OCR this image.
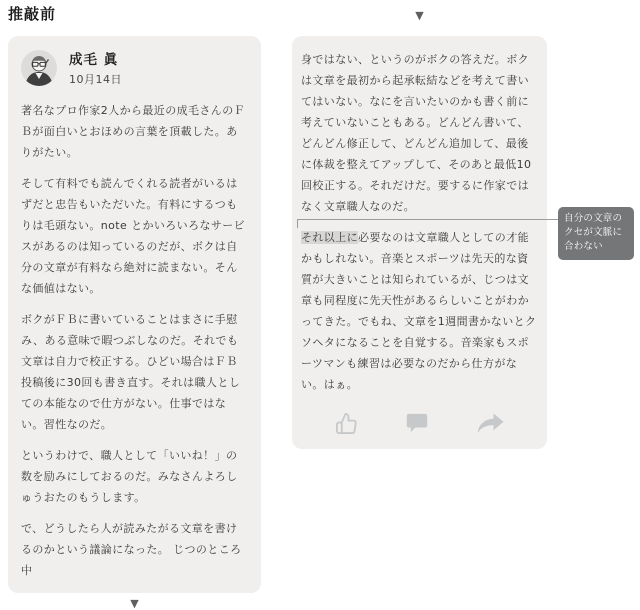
推敲前	▼
成毛 眞
10月14日

著名なプロ作家2人から最近の成毛さんのＦＢが面白いとおほめの言葉を頂載した。ありがたい。

そして有料でも読んでくれる読者がいるはずだと忠告もいただいた。有料にするつもりは毛頭ない。note とかいろいろなサービスがあるのは知っているのだが、ボクは自分の文章が有料なら絶対に読まない。そんな価値はない。

ボクがＦＢに書いていることはまさに手慰み、ある意味で暇つぶしなのだ。それでも文章は自力で校正する。ひどい場合はＦＢ投稿後に30回も書き直す。それは職人としての本能なので仕方がない。仕事ではない。習性なのだ。

というわけで、職人として「いいね！」の数を励みにしておるのだ。みなさんよろしゅうおたのもうします。

で、どうしたら人が読みたがる文章を書けるのかという議論になった。 じつのところ中

▼

身ではない、というのがボクの答えだ。ボクは文章を最初から起承転結などを考えて書いてはいない。なにを言いたいのかも書く前に考えていないこともある。どんどん書いて、どんどん修正して、どんどん追加して、最後に体裁を整えてアップして、そのあと最低10回校正する。それだけだ。要するに作家ではなく文章職人なのだ。

それ以上に必要なのは文章職人としての才能かもしれない。音楽とスポーツは先天的な資質が大きいことは知られているが、じつは文章も同程度に先天性があるらしいことがわかってきた。でもね、文章を1週間書かないとクソヘタになることを自覚する。音楽家もスポーツマンも練習は必要なのだから仕方がない。はぁ。

自分の文章のクセが文脈に合わない
